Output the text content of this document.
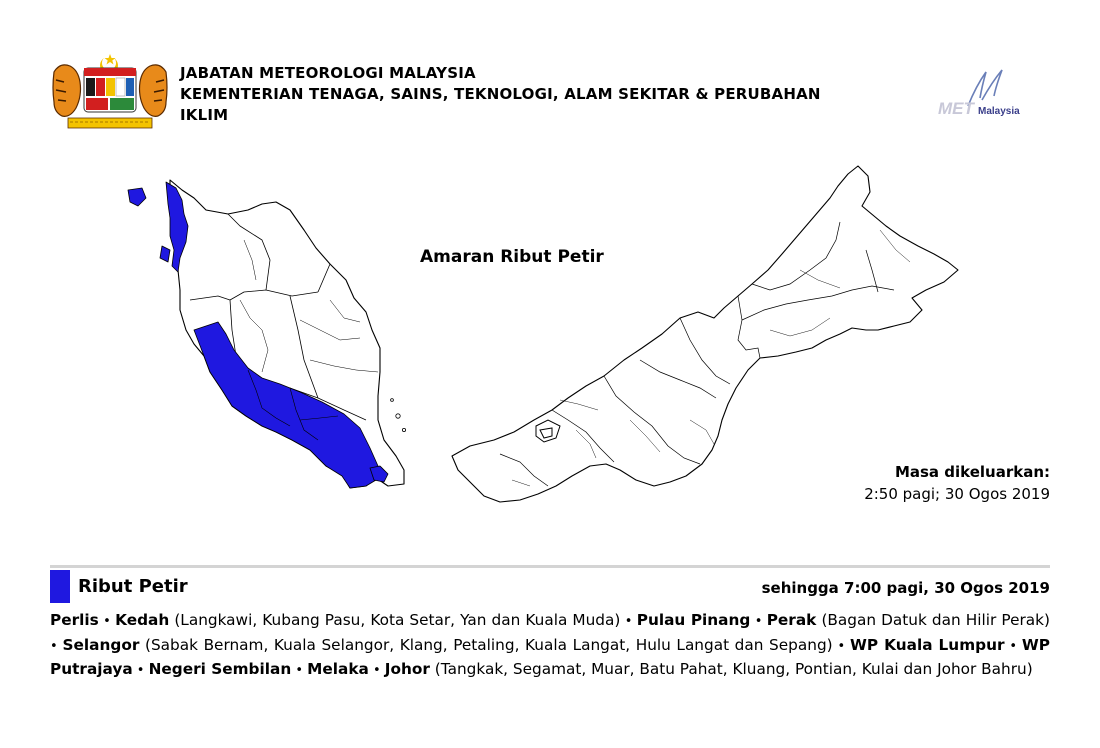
JABATAN METEOROLOGI MALAYSIA
KEMENTERIAN TENAGA, SAINS, TEKNOLOGI, ALAM SEKITAR & PERUBAHAN
IKLIM	MET Malaysia
Amaran Ribut Petir
Masa dikeluarkan:
2:50 pagi; 30 Ogos 2019
Ribut Petir	sehingga 7:00 pagi, 30 Ogos 2019
Perlis • Kedah (Langkawi, Kubang Pasu, Kota Setar, Yan dan Kuala Muda) • Pulau Pinang • Perak (Bagan Datuk dan Hilir Perak) • Selangor (Sabak Bernam, Kuala Selangor, Klang, Petaling, Kuala Langat, Hulu Langat dan Sepang) • WP Kuala Lumpur • WP Putrajaya • Negeri Sembilan • Melaka • Johor (Tangkak, Segamat, Muar, Batu Pahat, Kluang, Pontian, Kulai dan Johor Bahru)
